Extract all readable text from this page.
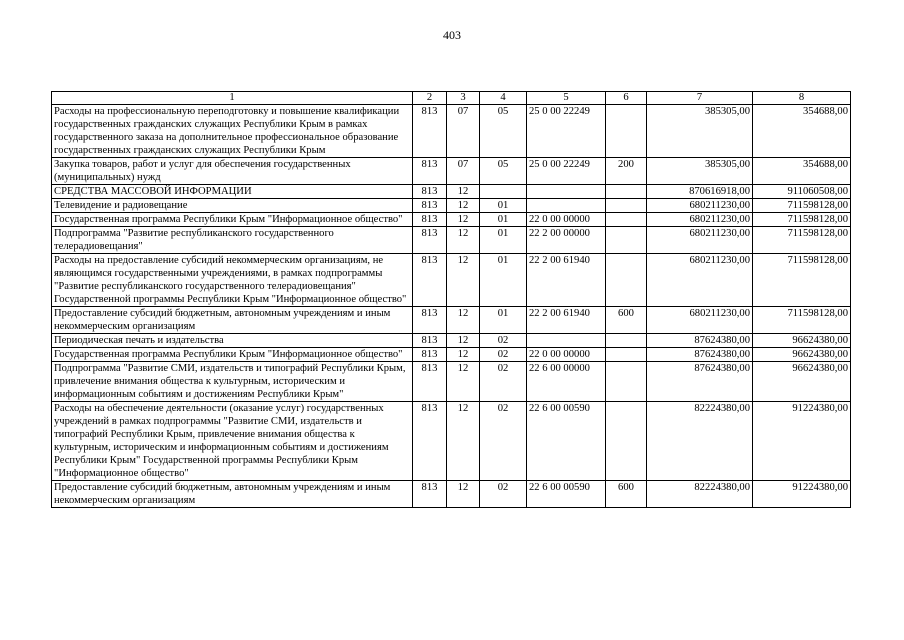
403
1	2	3	4	5	6	7	8
Расходы на профессиональную переподготовку и повышение квалификации государственных гражданских служащих Республики Крым в рамках государственного заказа на дополнительное профессиональное образование государственных гражданских служащих Республики Крым	813	07	05	25 0 00 22249		385305,00	354688,00
Закупка товаров, работ и услуг для обеспечения государственных (муниципальных) нужд	813	07	05	25 0 00 22249	200	385305,00	354688,00
СРЕДСТВА МАССОВОЙ ИНФОРМАЦИИ	813	12				870616918,00	911060508,00
Телевидение и радиовещание	813	12	01			680211230,00	711598128,00
Государственная программа Республики Крым "Информационное общество"	813	12	01	22 0 00 00000		680211230,00	711598128,00
Подпрограмма "Развитие республиканского государственного телерадиовещания"	813	12	01	22 2 00 00000		680211230,00	711598128,00
Расходы на предоставление субсидий некоммерческим организациям, не являющимся государственными учреждениями, в рамках подпрограммы "Развитие республиканского государственного телерадиовещания" Государственной программы Республики Крым "Информационное общество"	813	12	01	22 2 00 61940		680211230,00	711598128,00
Предоставление субсидий бюджетным, автономным учреждениям и иным некоммерческим организациям	813	12	01	22 2 00 61940	600	680211230,00	711598128,00
Периодическая печать и издательства	813	12	02			87624380,00	96624380,00
Государственная программа Республики Крым "Информационное общество"	813	12	02	22 0 00 00000		87624380,00	96624380,00
Подпрограмма "Развитие СМИ, издательств и типографий Республики Крым, привлечение внимания общества к культурным, историческим и информационным событиям и достижениям Республики Крым"	813	12	02	22 6 00 00000		87624380,00	96624380,00
Расходы на обеспечение деятельности (оказание услуг) государственных учреждений в рамках подпрограммы "Развитие СМИ, издательств и типографий Республики Крым, привлечение внимания общества к культурным, историческим и информационным событиям и достижениям Республики Крым" Государственной программы Республики Крым "Информационное общество"	813	12	02	22 6 00 00590		82224380,00	91224380,00
Предоставление субсидий бюджетным, автономным учреждениям и иным некоммерческим организациям	813	12	02	22 6 00 00590	600	82224380,00	91224380,00
